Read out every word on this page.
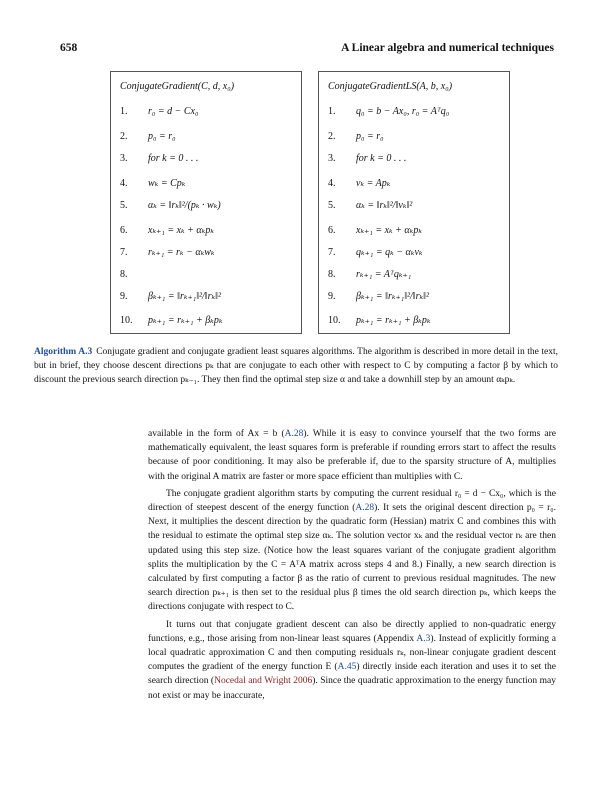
658	A Linear algebra and numerical techniques
ConjugateGradient(C, d, x₀)
1. r₀ = d − Cx₀
2. p₀ = r₀
3. for k = 0 . . .
4. wₖ = Cpₖ
5. αₖ = ‖rₖ‖²/(pₖ · wₖ)
6. xₖ₊₁ = xₖ + αₖpₖ
7. rₖ₊₁ = rₖ − αₖwₖ
8.
9. βₖ₊₁ = ‖rₖ₊₁‖²/‖rₖ‖²
10. pₖ₊₁ = rₖ₊₁ + βₖpₖ
ConjugateGradientLS(A, b, x₀)
1. q₀ = b − Ax₀, r₀ = Aᵀq₀
2. p₀ = r₀
3. for k = 0 . . .
4. vₖ = Apₖ
5. αₖ = ‖rₖ‖²/‖vₖ‖²
6. xₖ₊₁ = xₖ + αₖpₖ
7. qₖ₊₁ = qₖ − αₖvₖ
8. rₖ₊₁ = Aᵀqₖ₊₁
9. βₖ₊₁ = ‖rₖ₊₁‖²/‖rₖ‖²
10. pₖ₊₁ = rₖ₊₁ + βₖpₖ
Algorithm A.3 Conjugate gradient and conjugate gradient least squares algorithms. The algorithm is described in more detail in the text, but in brief, they choose descent directions pₖ that are conjugate to each other with respect to C by computing a factor β by which to discount the previous search direction pₖ₋₁. They then find the optimal step size α and take a downhill step by an amount αₖpₖ.

available in the form of Ax = b (A.28). While it is easy to convince yourself that the two forms are mathematically equivalent, the least squares form is preferable if rounding errors start to affect the results because of poor conditioning. It may also be preferable if, due to the sparsity structure of A, multiplies with the original A matrix are faster or more space efficient than multiplies with C.

The conjugate gradient algorithm starts by computing the current residual r₀ = d − Cx₀, which is the direction of steepest descent of the energy function (A.28). It sets the original descent direction p₀ = r₀. Next, it multiplies the descent direction by the quadratic form (Hessian) matrix C and combines this with the residual to estimate the optimal step size αₖ. The solution vector xₖ and the residual vector rₖ are then updated using this step size. (Notice how the least squares variant of the conjugate gradient algorithm splits the multiplication by the C = AᵀA matrix across steps 4 and 8.) Finally, a new search direction is calculated by first computing a factor β as the ratio of current to previous residual magnitudes. The new search direction pₖ₊₁ is then set to the residual plus β times the old search direction pₖ, which keeps the directions conjugate with respect to C.

It turns out that conjugate gradient descent can also be directly applied to non-quadratic energy functions, e.g., those arising from non-linear least squares (Appendix A.3). Instead of explicitly forming a local quadratic approximation C and then computing residuals rₖ, non-linear conjugate gradient descent computes the gradient of the energy function E (A.45) directly inside each iteration and uses it to set the search direction (Nocedal and Wright 2006). Since the quadratic approximation to the energy function may not exist or may be inaccurate,
